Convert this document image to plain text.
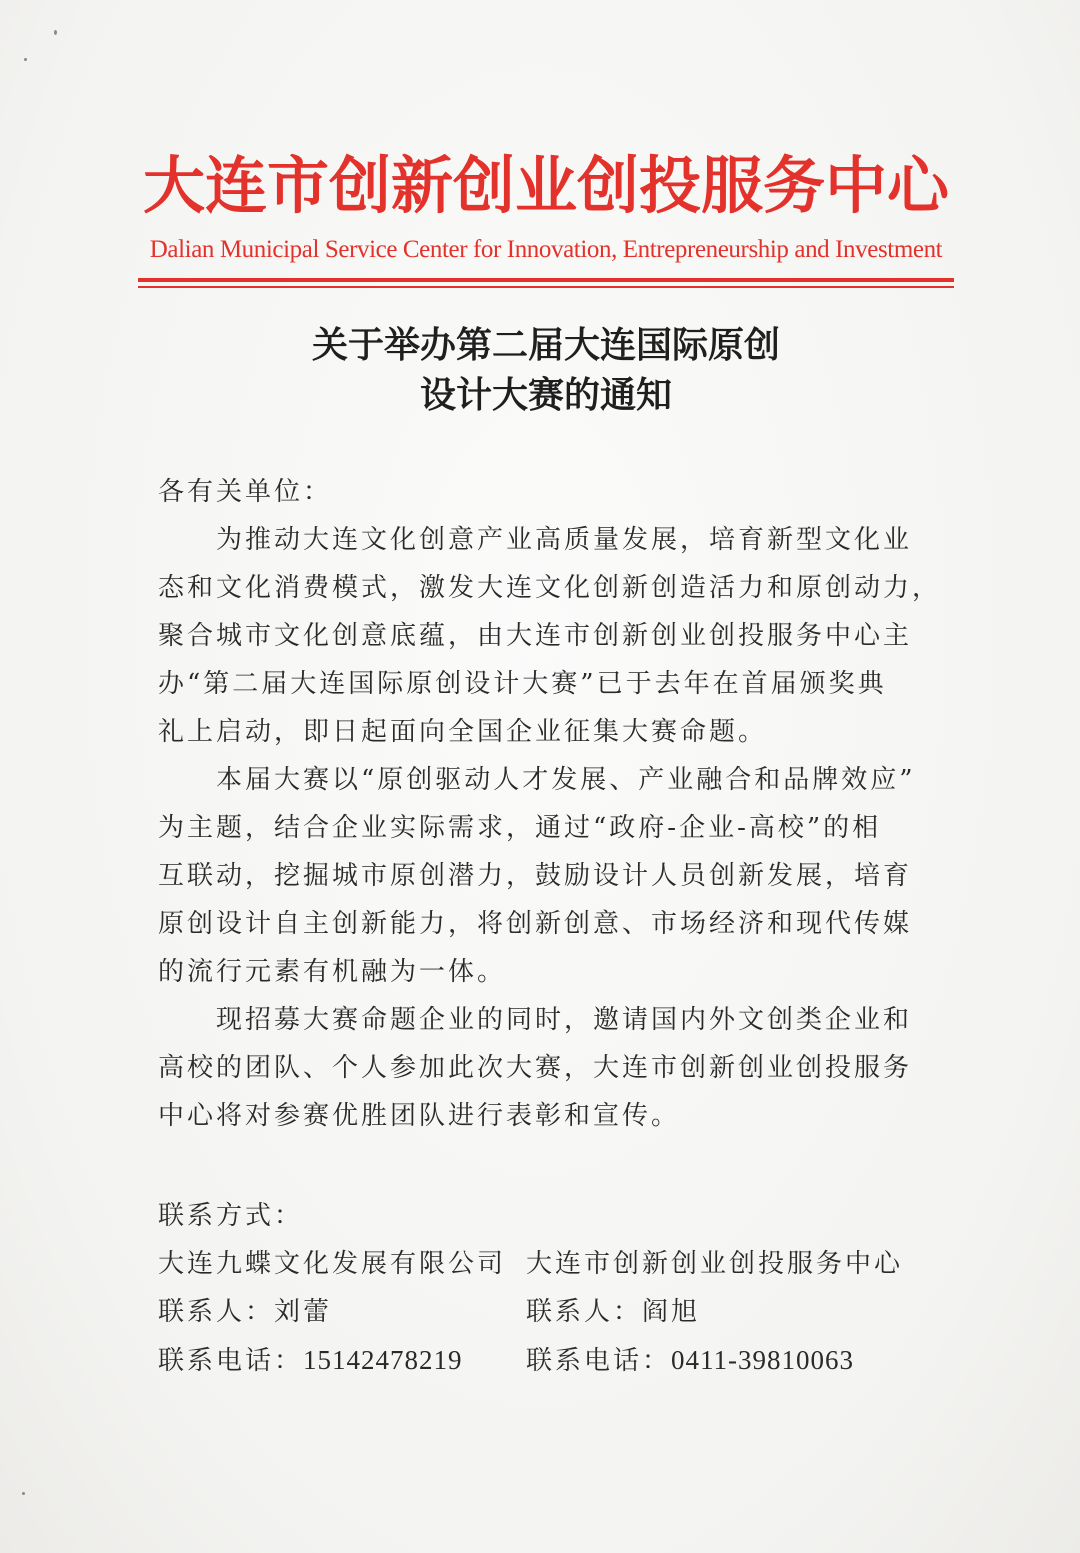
大连市创新创业创投服务中心
Dalian Municipal Service Center for Innovation, Entrepreneurship and Investment
关于举办第二届大连国际原创
设计大赛的通知
各有关单位：
为推动大连文化创意产业高质量发展，培育新型文化业
态和文化消费模式，激发大连文化创新创造活力和原创动力，
聚合城市文化创意底蕴，由大连市创新创业创投服务中心主
办“第二届大连国际原创设计大赛”已于去年在首届颁奖典
礼上启动，即日起面向全国企业征集大赛命题。
本届大赛以“原创驱动人才发展、产业融合和品牌效应”
为主题，结合企业实际需求，通过“政府-企业-高校”的相
互联动，挖掘城市原创潜力，鼓励设计人员创新发展，培育
原创设计自主创新能力，将创新创意、市场经济和现代传媒
的流行元素有机融为一体。
现招募大赛命题企业的同时，邀请国内外文创类企业和
高校的团队、个人参加此次大赛，大连市创新创业创投服务
中心将对参赛优胜团队进行表彰和宣传。
联系方式：
大连九蝶文化发展有限公司
联系人：刘蕾
联系电话：15142478219
大连市创新创业创投服务中心
联系人：阎旭
联系电话：0411-39810063
